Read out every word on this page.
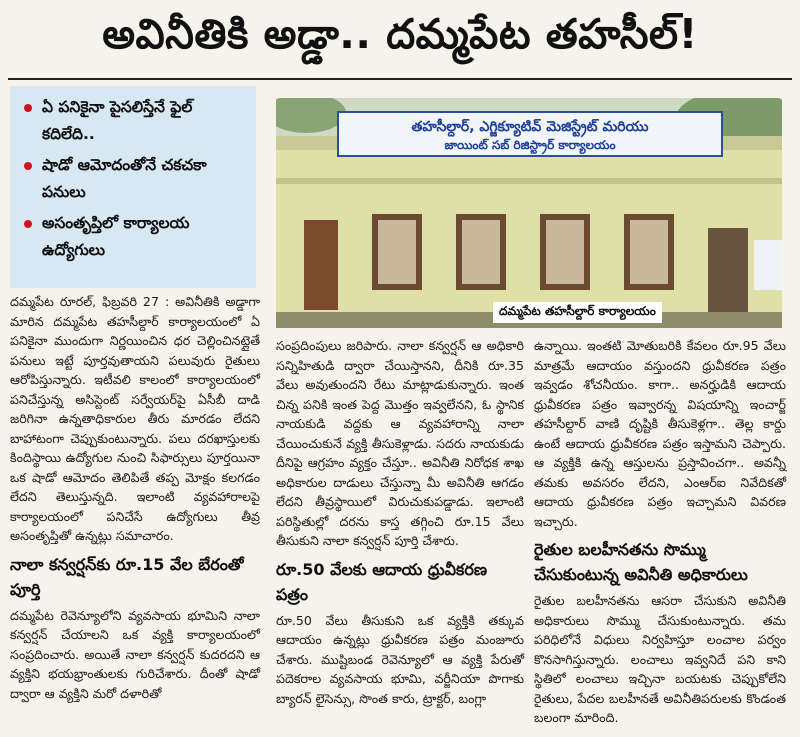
అవినీతికి అడ్డా.. దమ్మపేట తహసీల్‌!
ఏ పనికైనా పైసలిస్తేనే ఫైల్‌ కదిలేది..
షాడో ఆమోదంతోనే చకచకా పనులు
అసంతృప్తిలో కార్యాలయ ఉద్యోగులు
తహసీల్దార్‌, ఎగ్జిక్యూటివ్‌ మెజిస్ట్రేట్‌ మరియు
జాయింట్‌ సబ్‌ రిజిస్ట్రార్‌ కార్యాలయం
దమ్మపేట తహసీల్దార్‌ కార్యాలయం

దమ్మపేట రూరల్‌, ఫిబ్రవరి 27 : అవినీతికి అడ్డాగా మారిన దమ్మపేట తహసీల్దార్‌ కార్యాలయంలో ఏ పనికైనా ముందుగా నిర్ణయించిన ధర చెల్లించినట్లైతే పనులు ఇట్టే పూర్తవుతాయని పలువురు రైతులు ఆరోపిస్తున్నారు. ఇటీవలి కాలంలో కార్యాలయంలో పనిచేస్తున్న అసిస్టెంట్‌ సర్వేయర్‌పై ఏసీబీ దాడి జరిగినా ఉన్నతాధికారుల తీరు మారడం లేదని బాహాటంగా చెప్పుకుంటున్నారు. పలు దరఖాస్తులకు కిందిస్థాయి ఉద్యోగుల నుంచి సిఫార్సులు పూర్తయినా ఒక షాడో ఆమోదం తెలిపితే తప్ప మోక్షం కలగడం లేదని తెలుస్తున్నది. ఇలాంటి వ్యవహారాలపై కార్యాలయంలో పనిచేసే ఉద్యోగులు తీవ్ర అసంతృప్తితో ఉన్నట్లు సమాచారం.

నాలా కన్వర్షన్‌కు రూ.15 వేల బేరంతో పూర్తి

దమ్మపేట రెవెన్యూలోని వ్యవసాయ భూమిని నాలా కన్వర్షన్‌ చేయాలని ఒక వ్యక్తి కార్యాలయంలో సంప్రదించారు. అయితే నాలా కన్వర్షన్‌ కుదరదని ఆ వ్యక్తిని భయభ్రాంతులకు గురిచేశారు. దీంతో షాడో ద్వారా ఆ వ్యక్తిని మరో దళారితో

సంప్రదింపులు జరిపారు. నాలా కన్వర్షన్‌ ఆ అధికారి సన్నిహితుడి ద్వారా చేయిస్తానని, దీనికి రూ.35 వేలు అవుతుందని రేటు మాట్లాడుకున్నారు. ఇంత చిన్న పనికి ఇంత పెద్ద మొత్తం ఇవ్వలేనని, ఓ స్థానిక నాయకుడి వద్దకు ఆ వ్యవహారాన్ని నాలా చేయించుకునే వ్యక్తి తీసుకెళ్లాడు. సదరు నాయకుడు దీనిపై ఆగ్రహం వ్యక్తం చేస్తూ.. అవినీతి నిరోధక శాఖ అధికారుల దాడులు చేస్తున్నా మీ అవినీతి ఆగడం లేదని తీవ్రస్థాయిలో విరుచుకుపడ్డాడు. ఇలాంటి పరిస్థితుల్లో దరను కాస్త తగ్గించి రూ.15 వేలు తీసుకుని నాలా కన్వర్షన్‌ పూర్తి చేశారు.

రూ.50 వేలకు ఆదాయ ధ్రువీకరణ పత్రం

రూ.50 వేలు తీసుకుని ఒక వ్యక్తికి తక్కువ ఆదాయం ఉన్నట్లు ధ్రువీకరణ పత్రం మంజూరు చేశారు. ముష్టిబండ రెవెన్యూలో ఆ వ్యక్తి పేరుతో పదెకరాల వ్యవసాయ భూమి, వర్జీనియా పొగాకు బ్యారన్‌ లైసెన్సు, సొంత కారు, ట్రాక్టర్‌, బంగ్లా

ఉన్నాయి. ఇంతటి మోతుబరికి కేవలం రూ.95 వేలు మాత్రమే ఆదాయం వస్తుందని ధ్రువీకరణ పత్రం ఇవ్వడం శోచనీయం. కాగా.. అనర్హుడికి ఆదాయ ధ్రువీకరణ పత్రం ఇవ్వారన్న విషయాన్ని ఇంచార్జ్‌ తహసీల్దార్‌ వాణి దృష్టికి తీసుకెళ్లగా.. తెల్ల కార్డు ఉంటే ఆదాయ ధ్రువీకరణ పత్రం ఇస్తామని చెప్పారు. ఆ వ్యక్తికి ఉన్న ఆస్తులను ప్రస్తావించగా.. అవన్నీ తమకు అవసరం లేదని, ఎంఆర్‌ఐ నివేదికతో ఆదాయ ధ్రువీకరణ పత్రం ఇచ్చామని వివరణ ఇచ్చారు.

రైతుల బలహీనతను సొమ్ము చేసుకుంటున్న అవినీతి అధికారులు

రైతుల బలహీనతను ఆసరా చేసుకుని అవినీతి అధికారులు సొమ్ము చేసుకుంటున్నారు. తమ పరిధిలోనే విధులు నిర్వహిస్తూ లంచాల పర్వం కొనసాగిస్తున్నారు. లంచాలు ఇవ్వనిదే పని కాని స్థితిలో లంచాలు ఇచ్చినా బయటకు చెప్పుకోలేని రైతులు, పేదల బలహీనతే అవినీతిపరులకు కొండంత బలంగా మారింది.
